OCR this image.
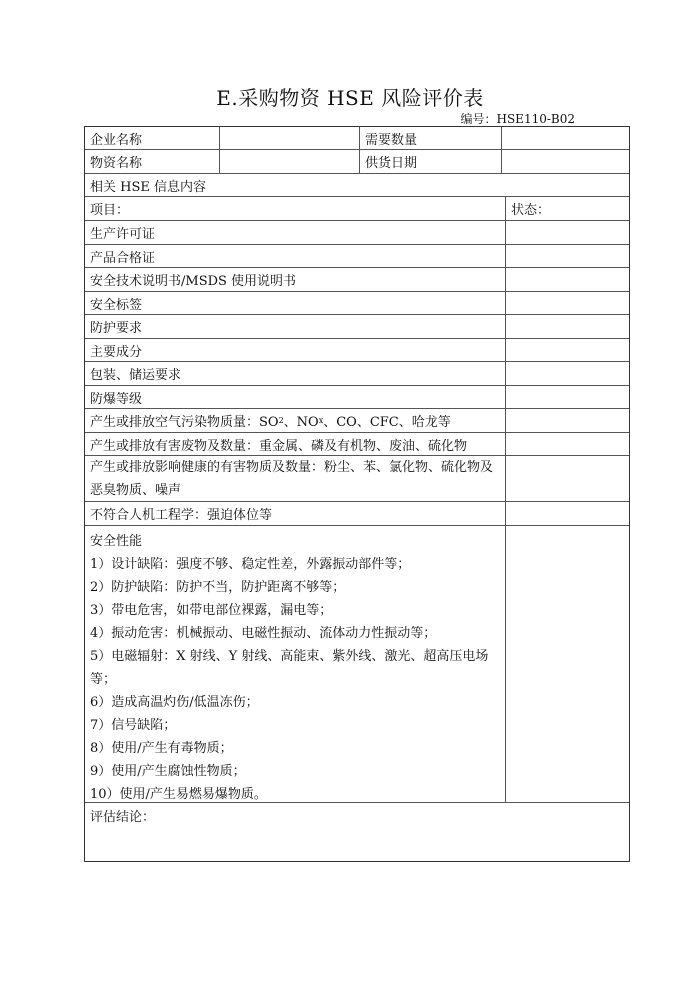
E.采购物资 HSE 风险评价表
编号：HSE110-B02
企业名称	需要数量
物资名称	供货日期
相关 HSE 信息内容
项目：	状态：
生产许可证
产品合格证
安全技术说明书/MSDS 使用说明书
安全标签
防护要求
主要成分
包装、储运要求
防爆等级
产生或排放空气污染物质量：SO 2 、NO x 、CO、CFC、哈龙等
产生或排放有害废物及数量：重金属、磷及有机物、废油、硫化物
产生或排放影响健康的有害物质及数量：粉尘、苯、氯化物、硫化物及恶臭物质、噪声
不符合人机工程学：强迫体位等
安全性能
1）设计缺陷：强度不够、稳定性差，外露振动部件等；
2）防护缺陷：防护不当，防护距离不够等；
3）带电危害，如带电部位裸露，漏电等；
4）振动危害：机械振动、电磁性振动、流体动力性振动等；
5）电磁辐射：X 射线、Y 射线、高能束、紫外线、激光、超高压电场等；
6）造成高温灼伤/低温冻伤；
7）信号缺陷；
8）使用/产生有毒物质；
9）使用/产生腐蚀性物质；
10）使用/产生易燃易爆物质。
评估结论：
